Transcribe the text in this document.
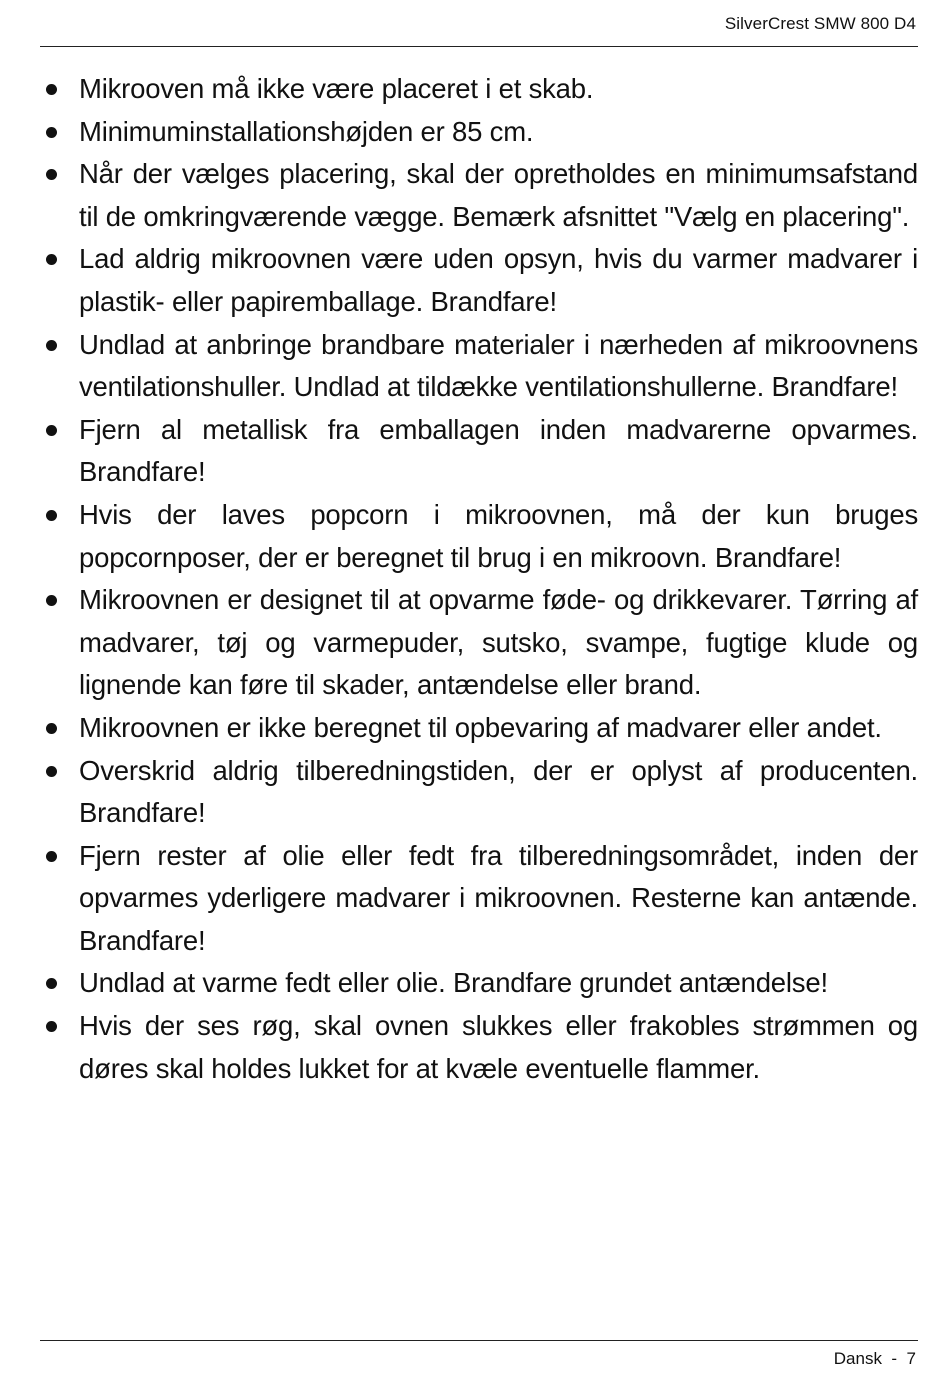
SilverCrest SMW 800 D4
Mikrooven må ikke være placeret i et skab.
Minimuminstallationshøjden er 85 cm.
Når der vælges placering, skal der opretholdes en minimumsafstand til de omkringværende vægge. Bemærk afsnittet "Vælg en placering".
Lad aldrig mikroovnen være uden opsyn, hvis du varmer madvarer i plastik- eller papiremballage. Brandfare!
Undlad at anbringe brandbare materialer i nærheden af mikroovnens ventilationshuller. Undlad at tildække ventilationshullerne. Brandfare!
Fjern al metallisk fra emballagen inden madvarerne opvarmes. Brandfare!
Hvis der laves popcorn i mikroovnen, må der kun bruges popcornposer, der er beregnet til brug i en mikroovn. Brandfare!
Mikroovnen er designet til at opvarme føde- og drikkevarer. Tørring af madvarer, tøj og varmepuder, sutsko, svampe, fugtige klude og lignende kan føre til skader, antændelse eller brand.
Mikroovnen er ikke beregnet til opbevaring af madvarer eller andet.
Overskrid aldrig tilberedningstiden, der er oplyst af producenten. Brandfare!
Fjern rester af olie eller fedt fra tilberedningsområdet, inden der opvarmes yderligere madvarer i mikroovnen. Resterne kan antænde. Brandfare!
Undlad at varme fedt eller olie. Brandfare grundet antændelse!
Hvis der ses røg, skal ovnen slukkes eller frakobles strømmen og døres skal holdes lukket for at kvæle eventuelle flammer.
Dansk - 7
